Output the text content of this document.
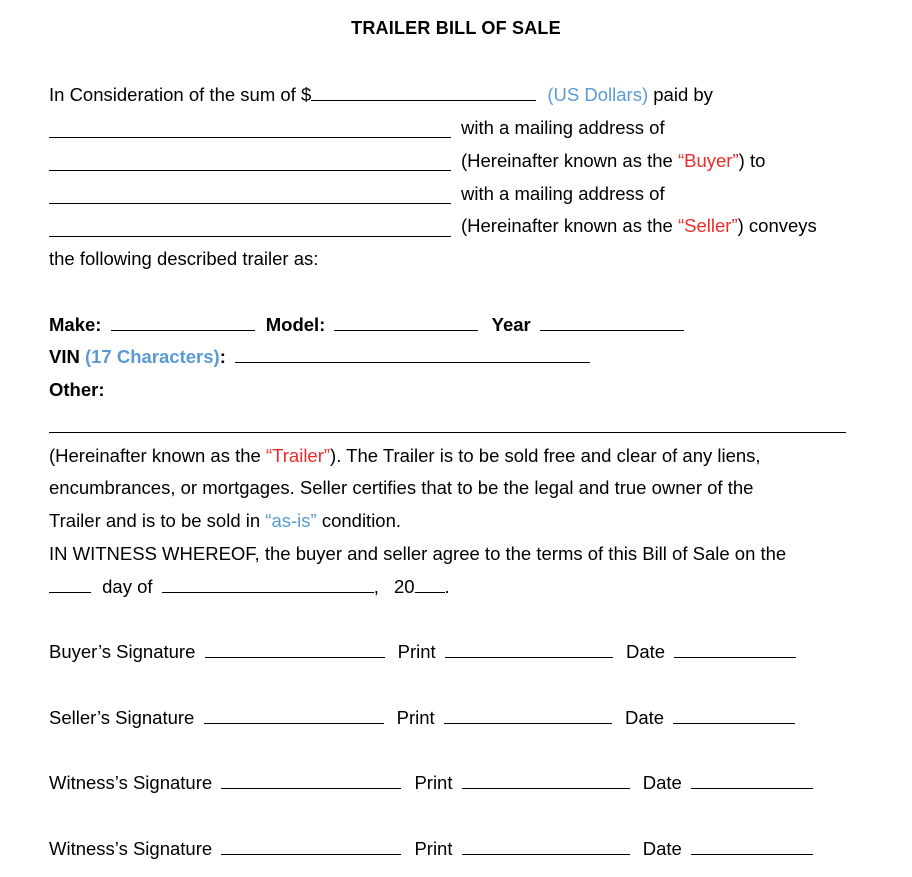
TRAILER BILL OF SALE
In Consideration of the sum of $	(US Dollars) paid by
with a mailing address of
(Hereinafter known as the “Buyer”) to
with a mailing address of
(Hereinafter known as the “Seller”) conveys
the following described trailer as:
Make:	Model:	Year
VIN (17 Characters):
Other:
(Hereinafter known as the “Trailer”). The Trailer is to be sold free and clear of any liens,
encumbrances, or mortgages. Seller certifies that to be the legal and true owner of the
Trailer and is to be sold in “as-is” condition.
IN WITNESS WHEREOF, the buyer and seller agree to the terms of this Bill of Sale on the
day of	, 20 .
Buyer’s Signature	Print	Date
Seller’s Signature	Print	Date
Witness’s Signature	Print	Date
Witness’s Signature	Print	Date
